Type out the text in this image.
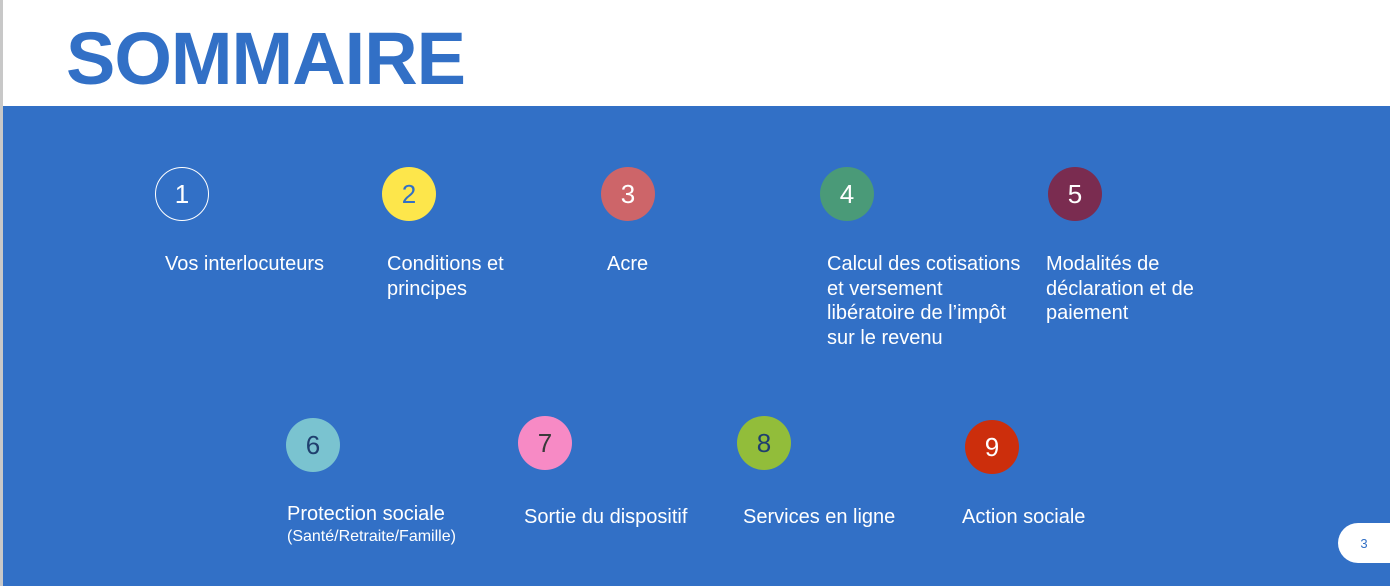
SOMMAIRE
1
Vos interlocuteurs
2
Conditions et principes
3
Acre
4
Calcul des cotisations et versement libératoire de l’impôt sur le revenu
5
Modalités de déclaration et de paiement
6
Protection sociale
(Santé/Retraite/Famille)
7
Sortie du dispositif
8
Services en ligne
9
Action sociale
3
